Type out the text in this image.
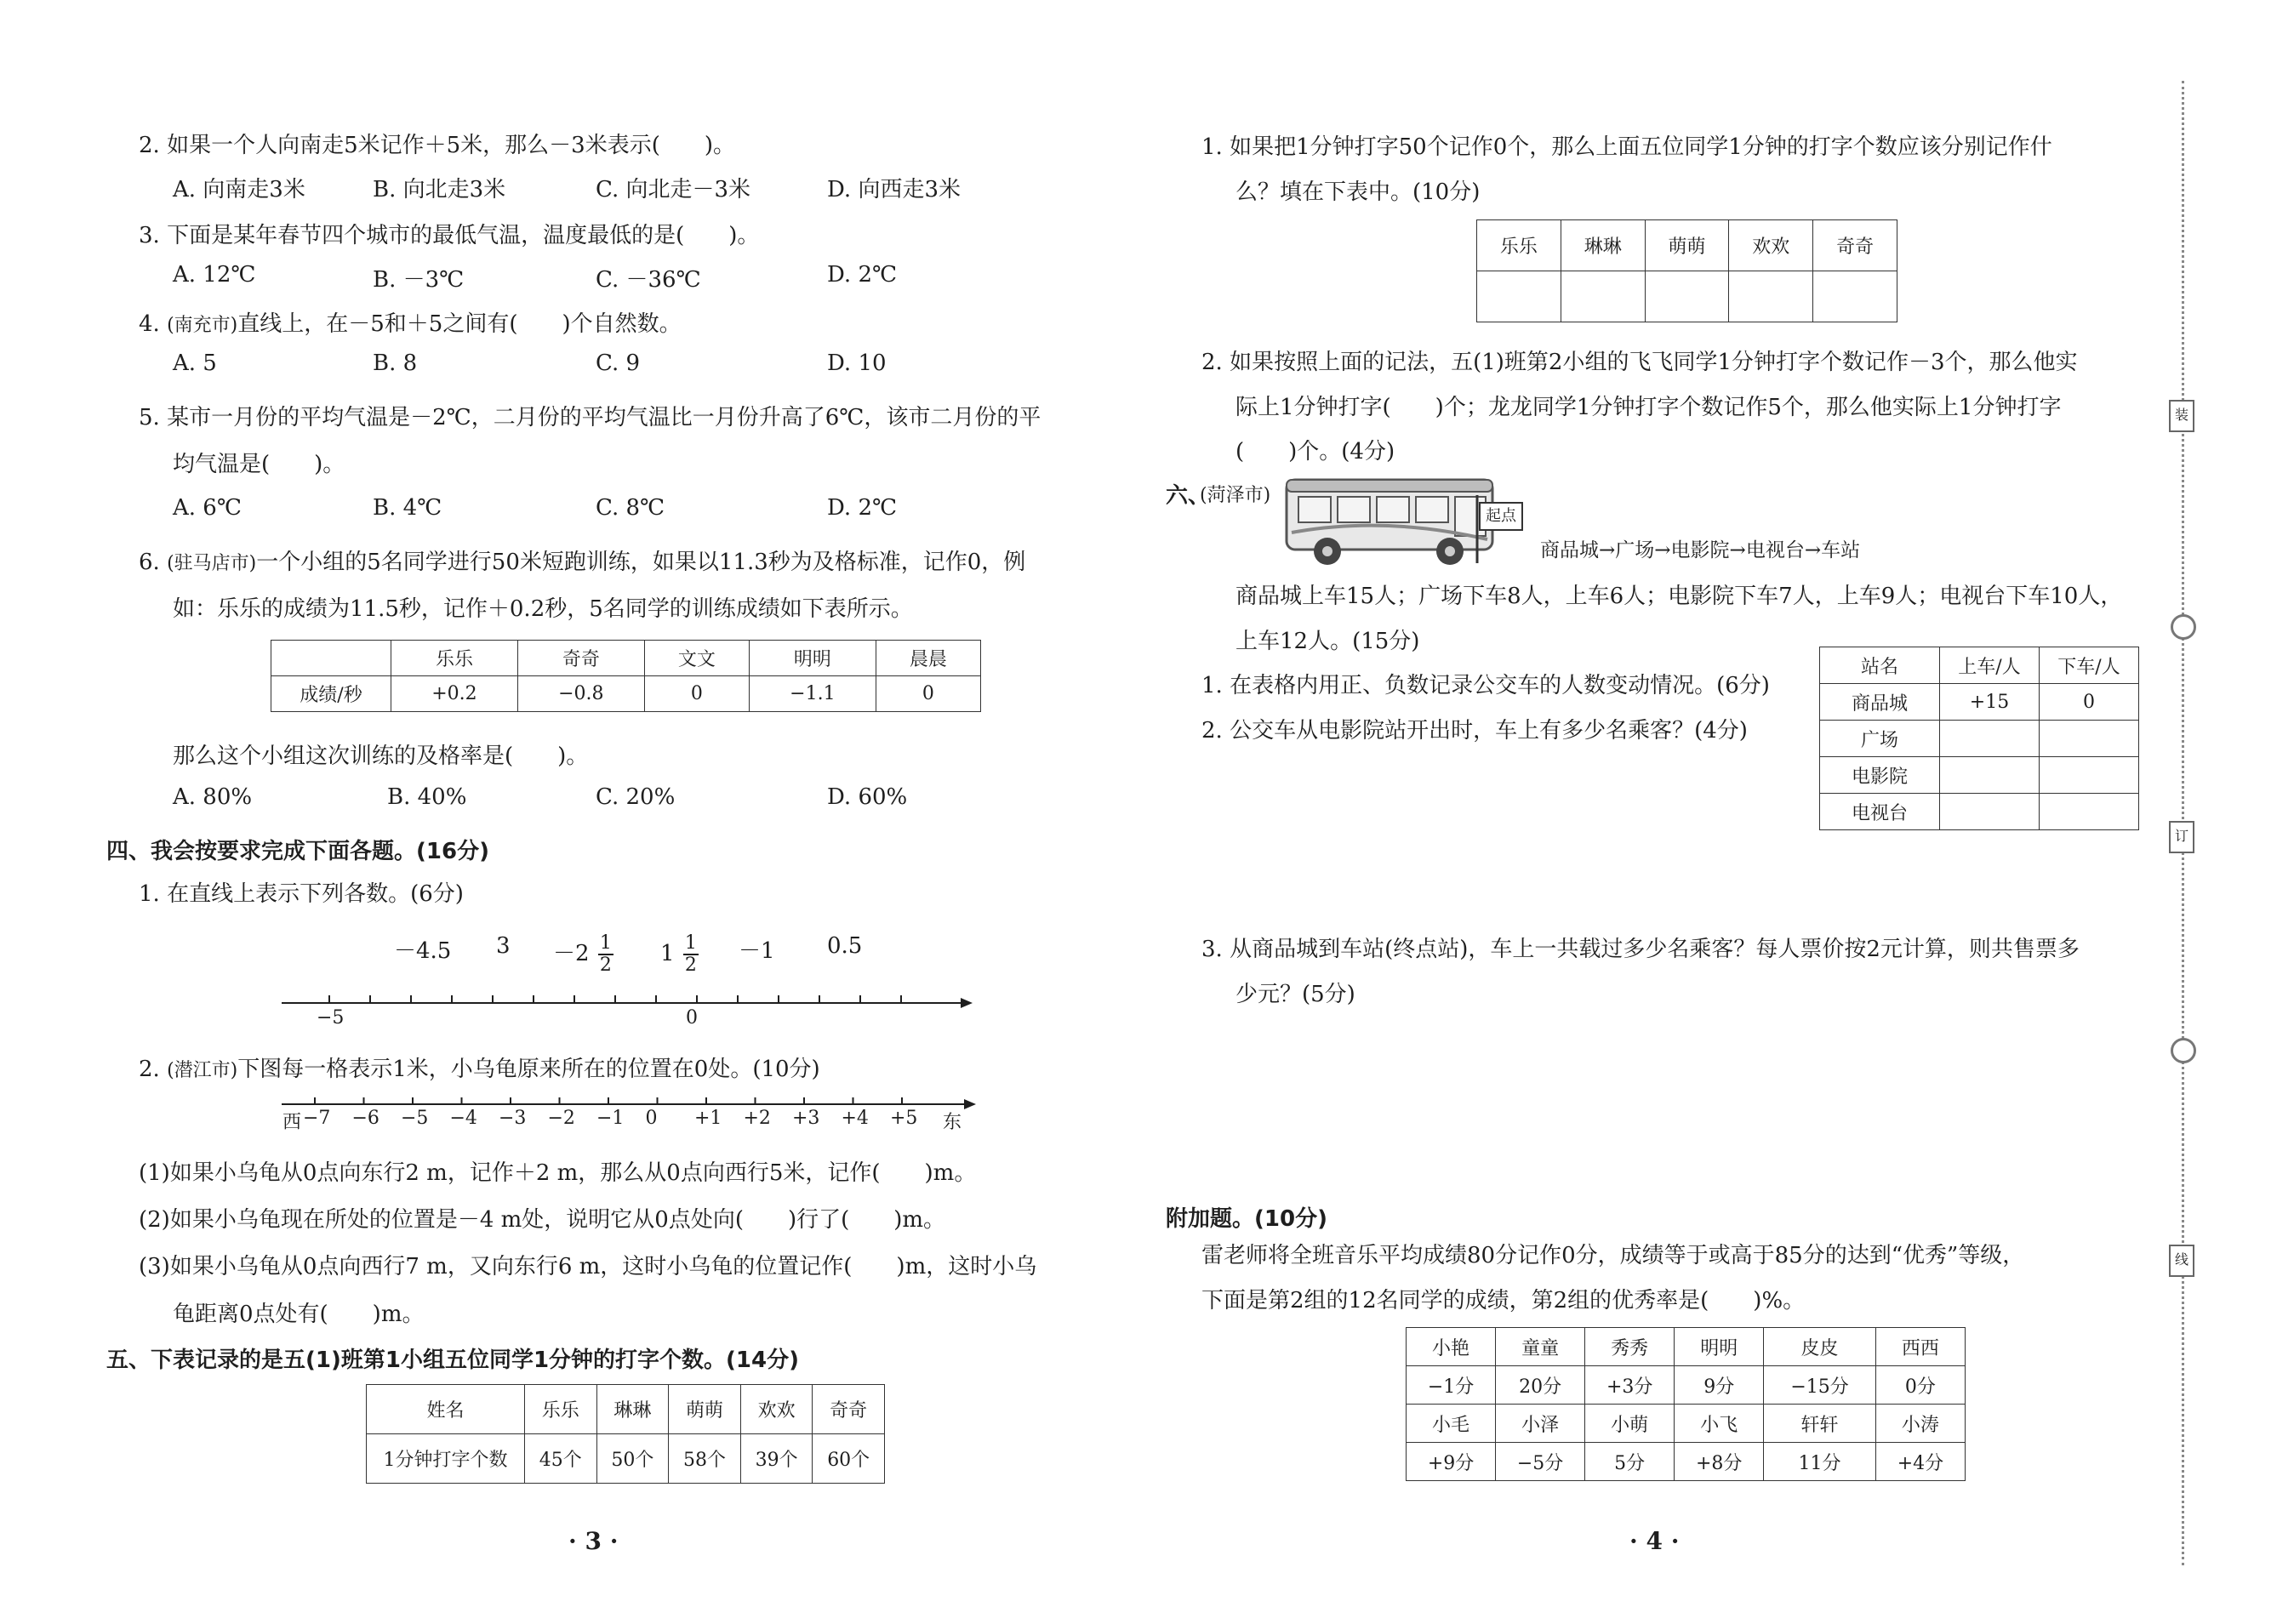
2. 如果一个人向南走5米记作＋5米，那么－3米表示(　　)。
A. 向南走3米	B. 向北走3米	C. 向北走－3米	D. 向西走3米
3. 下面是某年春节四个城市的最低气温，温度最低的是(　　)。
A. 12℃	B. －3℃	C. －36℃	D. 2℃
4. (南充市)直线上，在－5和＋5之间有(　　)个自然数。
A. 5	B. 8	C. 9	D. 10
5. 某市一月份的平均气温是－2℃，二月份的平均气温比一月份升高了6℃，该市二月份的平
均气温是(　　)。
A. 6℃	B. 4℃	C. 8℃	D. 2℃
6. (驻马店市)一个小组的5名同学进行50米短跑训练，如果以11.3秒为及格标准，记作0，例
如：乐乐的成绩为11.5秒，记作＋0.2秒，5名同学的训练成绩如下表所示。
	乐乐	奇奇	文文	明明	晨晨
成绩/秒	+0.2	−0.8	0	−1.1	0
那么这个小组这次训练的及格率是(　　)。
A. 80%	B. 40%	C. 20%	D. 60%
四、我会按要求完成下面各题。(16分)
1. 在直线上表示下列各数。(6分)
－4.5 $3 -2 \frac{1}{2} 1 \frac{1}{2} -1$ 0.5
−5	0
2. (潜江市)下图每一格表示1米，小乌龟原来所在的位置在0处。(10分)
西	东
−7 −6 −5 −4 −3 −2 −1 0 +1 +2 +3 +4 +5
(1)如果小乌龟从0点向东行2 m，记作＋2 m，那么从0点向西行5米，记作(　　)m。
(2)如果小乌龟现在所处的位置是－4 m处，说明它从0点处向(　　)行了(　　)m。
(3)如果小乌龟从0点向西行7 m，又向东行6 m，这时小乌龟的位置记作(　　)m，这时小乌
龟距离0点处有(　　)m。
五、下表记录的是五(1)班第1小组五位同学1分钟的打字个数。(14分)
姓名	乐乐	琳琳	萌萌	欢欢	奇奇
1分钟打字个数	45个	50个	58个	39个	60个
· 3 ·
1. 如果把1分钟打字50个记作0个，那么上面五位同学1分钟的打字个数应该分别记作什
么？填在下表中。(10分)
乐乐	琳琳	萌萌	欢欢	奇奇

2. 如果按照上面的记法，五(1)班第2小组的飞飞同学1分钟打字个数记作－3个，那么他实
际上1分钟打字(　　)个；龙龙同学1分钟打字个数记作5个，那么他实际上1分钟打字
(　　)个。(4分)
六、
(菏泽市)
起点
商品城→广场→电影院→电视台→车站
商品城上车15人；广场下车8人，上车6人；电影院下车7人，上车9人；电视台下车10人，
上车12人。(15分)
1. 在表格内用正、负数记录公交车的人数变动情况。(6分)
2. 公交车从电影院站开出时，车上有多少名乘客？(4分)
站名	上车/人	下车/人
商品城	+15	0
广场		
电影院		
电视台		
3. 从商品城到车站(终点站)，车上一共载过多少名乘客？每人票价按2元计算，则共售票多
少元？(5分)
附加题。(10分)
雷老师将全班音乐平均成绩80分记作0分，成绩等于或高于85分的达到“优秀”等级，
下面是第2组的12名同学的成绩，第2组的优秀率是(　　)%。
小艳	童童	秀秀	明明	皮皮	西西
−1分	20分	+3分	9分	−15分	0分
小毛	小泽	小萌	小飞	轩轩	小涛
+9分	−5分	5分	+8分	11分	+4分
· 4 ·
装
订
线
